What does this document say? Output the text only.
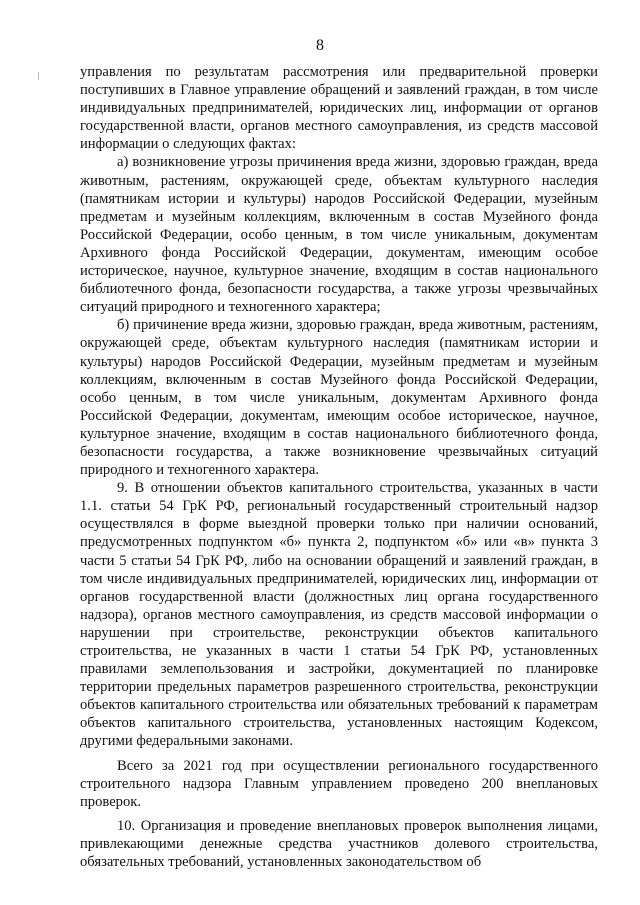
8

управления по результатам рассмотрения или предварительной проверки поступивших в Главное управление обращений и заявлений граждан, в том числе индивидуальных предпринимателей, юридических лиц, информации от органов государственной власти, органов местного самоуправления, из средств массовой информации о следующих фактах:

а) возникновение угрозы причинения вреда жизни, здоровью граждан, вреда животным, растениям, окружающей среде, объектам культурного наследия (памятникам истории и культуры) народов Российской Федерации, музейным предметам и музейным коллекциям, включенным в состав Музейного фонда Российской Федерации, особо ценным, в том числе уникальным, документам Архивного фонда Российской Федерации, документам, имеющим особое историческое, научное, культурное значение, входящим в состав национального библиотечного фонда, безопасности государства, а также угрозы чрезвычайных ситуаций природного и техногенного характера;

б) причинение вреда жизни, здоровью граждан, вреда животным, растениям, окружающей среде, объектам культурного наследия (памятникам истории и культуры) народов Российской Федерации, музейным предметам и музейным коллекциям, включенным в состав Музейного фонда Российской Федерации, особо ценным, в том числе уникальным, документам Архивного фонда Российской Федерации, документам, имеющим особое историческое, научное, культурное значение, входящим в состав национального библиотечного фонда, безопасности государства, а также возникновение чрезвычайных ситуаций природного и техногенного характера.

9. В отношении объектов капитального строительства, указанных в части 1.1. статьи 54 ГрК РФ, региональный государственный строительный надзор осуществлялся в форме выездной проверки только при наличии оснований, предусмотренных подпунктом «б» пункта 2, подпунктом «б» или «в» пункта 3 части 5 статьи 54 ГрК РФ, либо на основании обращений и заявлений граждан, в том числе индивидуальных предпринимателей, юридических лиц, информации от органов государственной власти (должностных лиц органа государственного надзора), органов местного самоуправления, из средств массовой информации о нарушении при строительстве, реконструкции объектов капитального строительства, не указанных в части 1 статьи 54 ГрК РФ, установленных правилами землепользования и застройки, документацией по планировке территории предельных параметров разрешенного строительства, реконструкции объектов капитального строительства или обязательных требований к параметрам объектов капитального строительства, установленных настоящим Кодексом, другими федеральными законами.

Всего за 2021 год при осуществлении регионального государственного строительного надзора Главным управлением проведено 200 внеплановых проверок.

10. Организация и проведение внеплановых проверок выполнения лицами, привлекающими денежные средства участников долевого строительства, обязательных требований, установленных законодательством об
